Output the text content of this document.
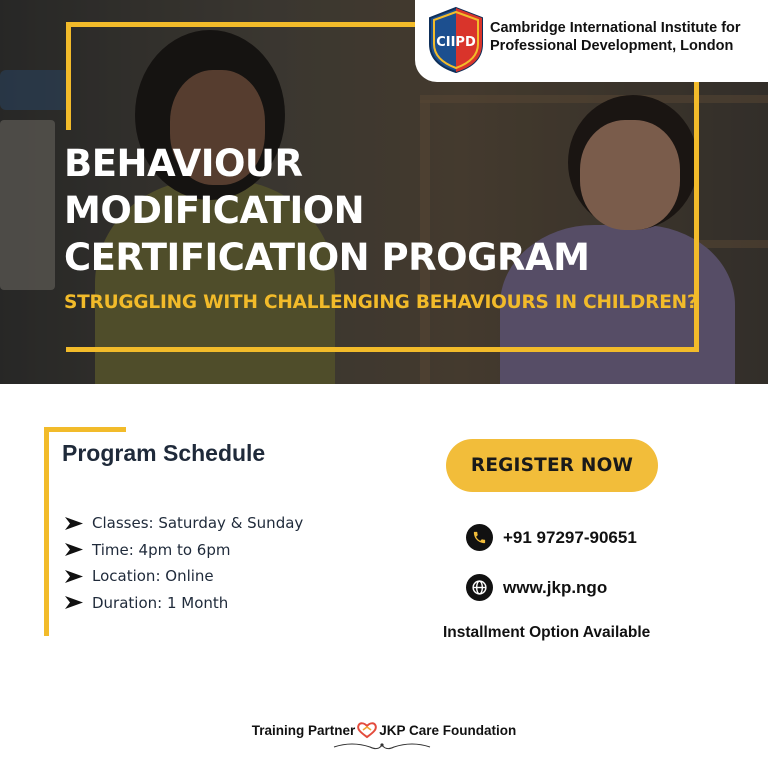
BEHAVIOUR
MODIFICATION
CERTIFICATION PROGRAM

STRUGGLING WITH CHALLENGING BEHAVIOURS IN CHILDREN?

CIIPD

Cambridge International Institute for
Professional Development, London

Program Schedule
Classes: Saturday & Sunday
Time: 4pm to 6pm
Location: Online
Duration: 1 Month
REGISTER NOW
+91 97297-90651
www.jkp.ngo

Installment Option Available

Training Partner JKP Care Foundation
